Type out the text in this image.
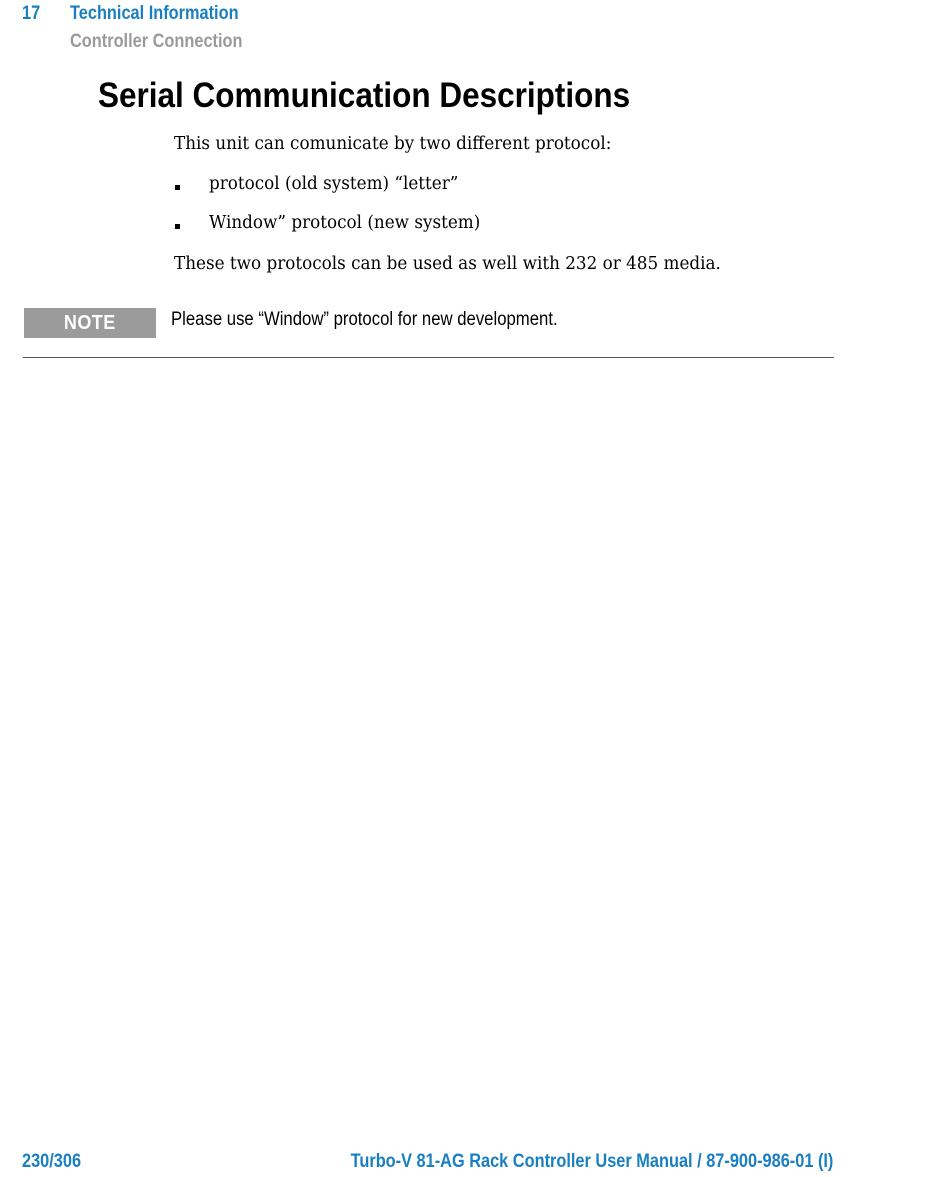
17 Technical Information
Controller Connection
Serial Communication Descriptions
This unit can comunicate by two different protocol:
protocol (old system) “letter”
Window” protocol (new system)
These two protocols can be used as well with 232 or 485 media.
NOTE	Please use “Window” protocol for new development.
230/306	Turbo-V 81-AG Rack Controller User Manual / 87-900-986-01 (I)
